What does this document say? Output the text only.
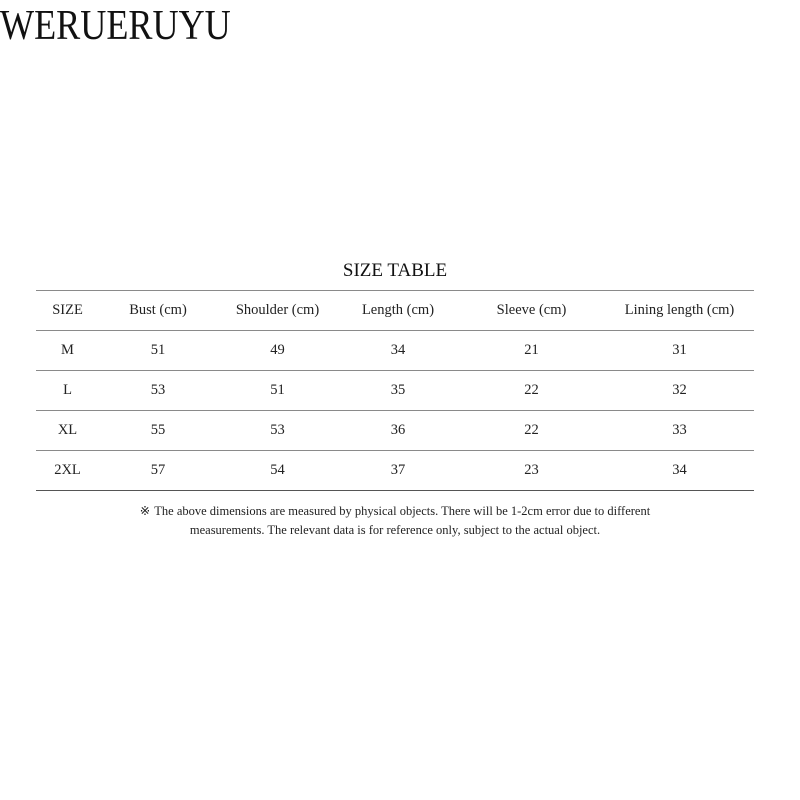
WERUERUYU
SIZE TABLE
SIZE	Bust (cm)	Shoulder (cm)	Length (cm)	Sleeve (cm)	Lining length (cm)
M	51	49	34	21	31
L	53	51	35	22	32
XL	55	53	36	22	33
2XL	57	54	37	23	34
※ The above dimensions are measured by physical objects. There will be 1-2cm error due to different
measurements. The relevant data is for reference only, subject to the actual object.
